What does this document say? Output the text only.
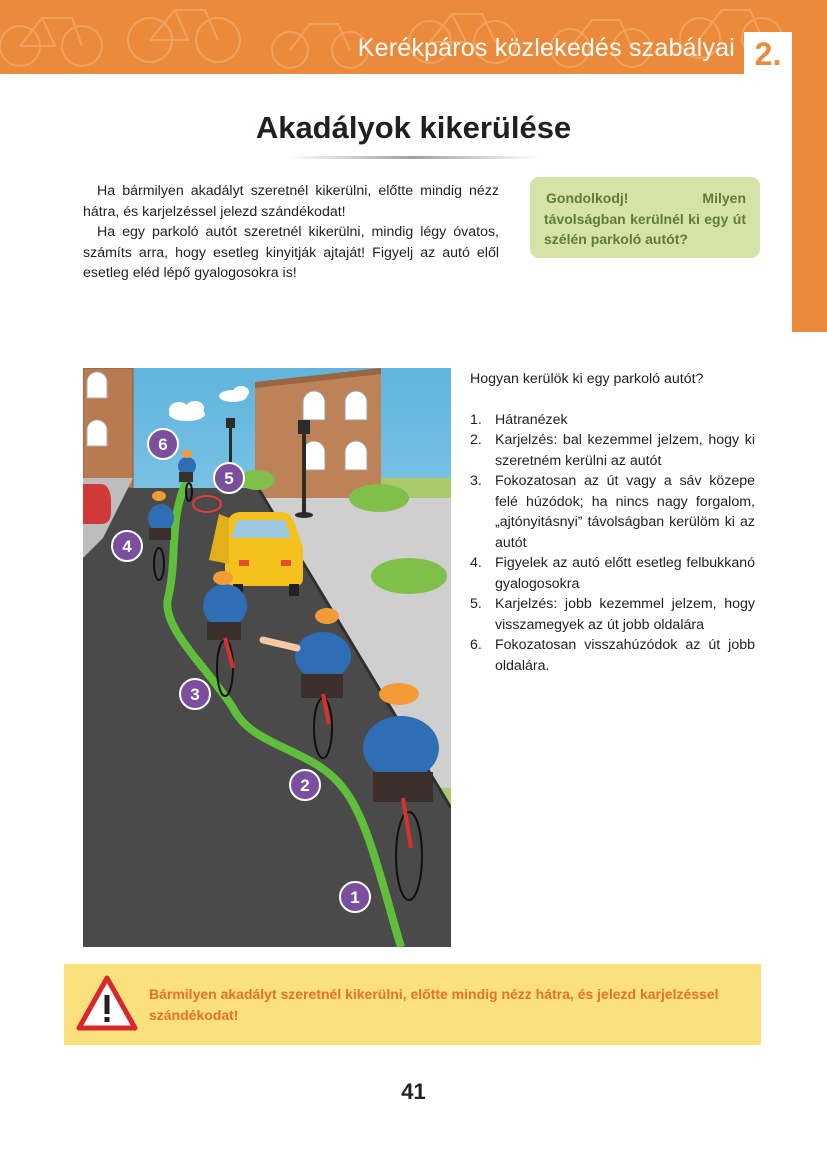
Kerékpáros közlekedés szabályai 2.
Akadályok kikerülése

Ha bármilyen akadályt szeretnél kikerülni, előtte mindig nézz hátra, és karjelzéssel jelezd szándékodat!

Ha egy parkoló autót szeretnél kikerülni, mindig légy óvatos, számíts arra, hogy esetleg kinyitják ajtaját! Figyelj az autó elől esetleg eléd lépő gyalogosokra is!

Gondolkodj! Milyen távolságban kerülnél ki egy út szélén parkoló autót?

1
2
3
4
5
6
Hogyan kerülök ki egy parkoló autót?
1. Hátranézek
2. Karjelzés: bal kezemmel jelzem, hogy ki szeretném kerülni az autót
3. Fokozatosan az út vagy a sáv közepe felé húzódok; ha nincs nagy forgalom, „ajtónyitásnyi” távolságban kerülöm ki az autót
4. Figyelek az autó előtt esetleg felbukkanó gyalogosokra
5. Karjelzés: jobb kezemmel jelzem, hogy visszamegyek az út jobb oldalára
6. Fokozatosan visszahúzódok az út jobb oldalára.
Bármilyen akadályt szeretnél kikerülni, előtte mindig nézz hátra, és jelezd karjelzéssel szándékodat!
41
